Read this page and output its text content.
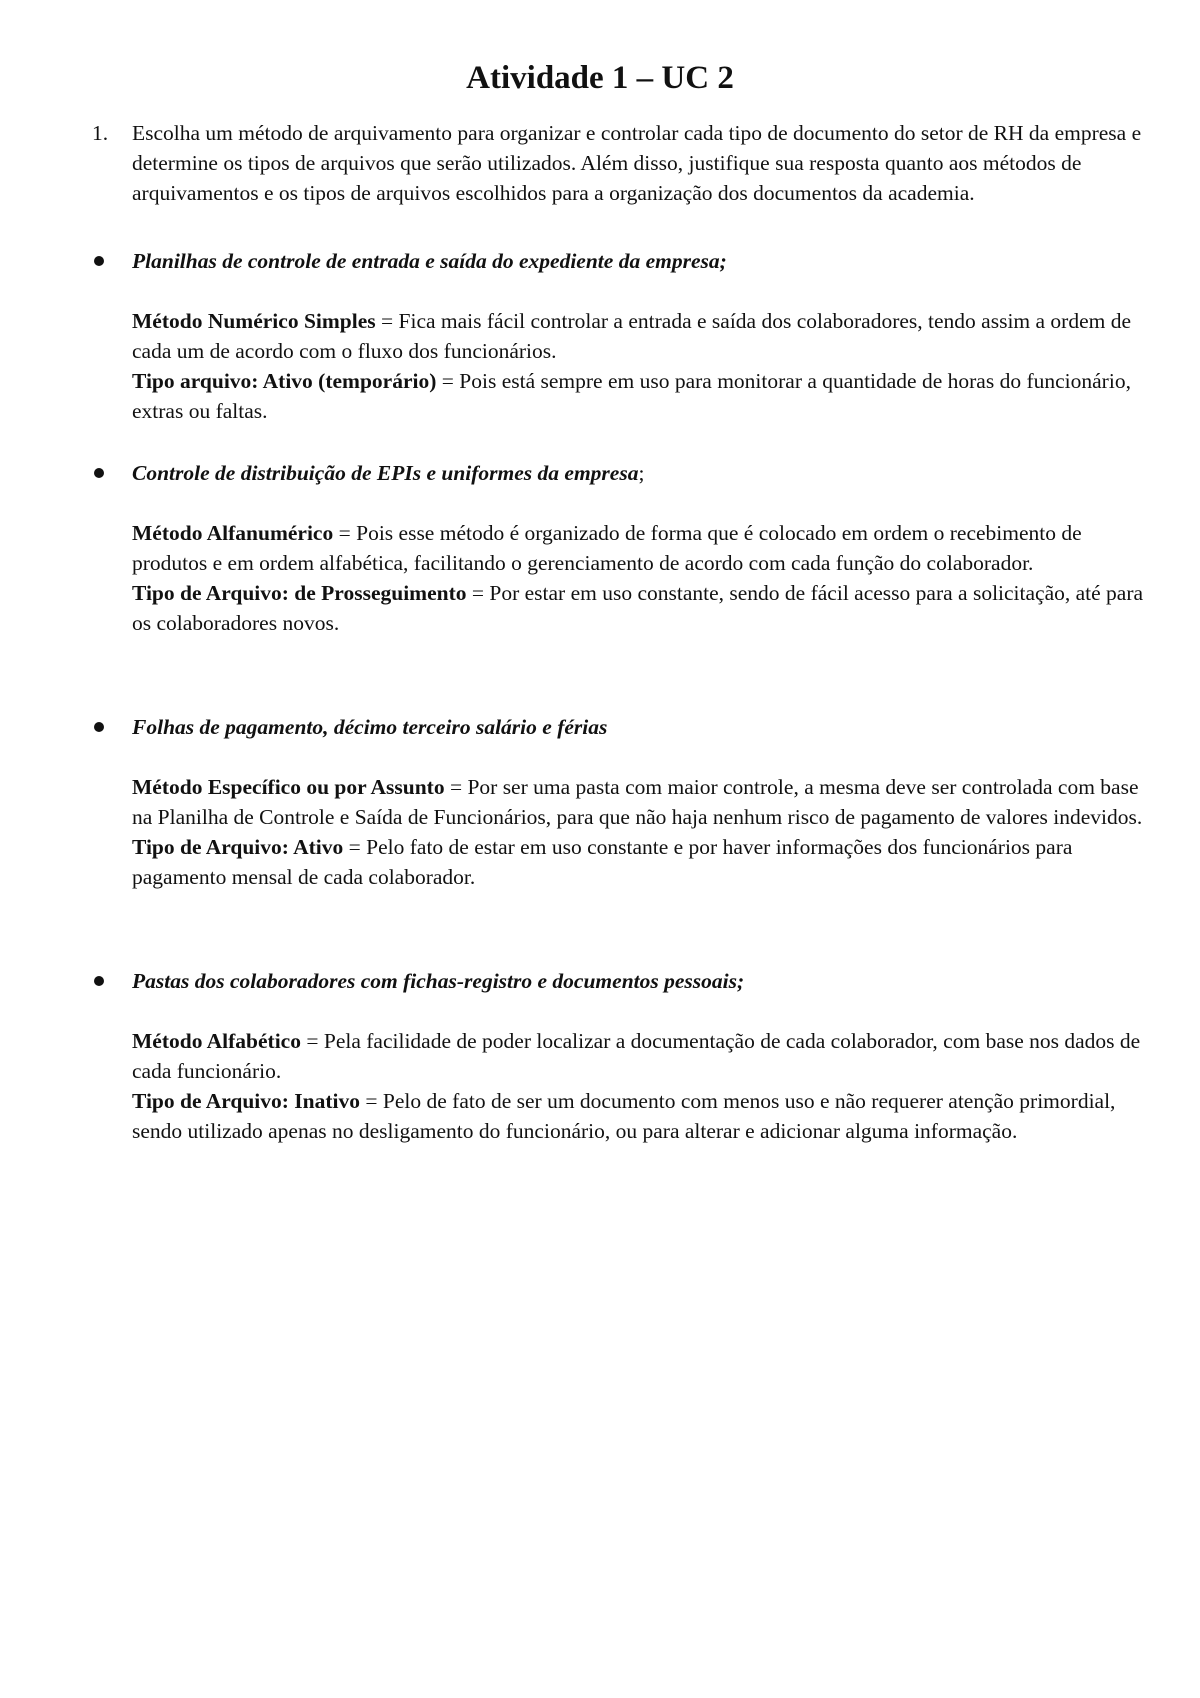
Atividade 1 – UC 2
1.	Escolha um método de arquivamento para organizar e controlar cada tipo de documento do setor de RH da empresa e determine os tipos de arquivos que serão utilizados. Além disso, justifique sua resposta quanto aos métodos de arquivamentos e os tipos de arquivos escolhidos para a organização dos documentos da academia.
Planilhas de controle de entrada e saída do expediente da empresa;
Método Numérico Simples = Fica mais fácil controlar a entrada e saída dos colaboradores, tendo assim a ordem de cada um de acordo com o fluxo dos funcionários.
Tipo arquivo: Ativo (temporário) = Pois está sempre em uso para monitorar a quantidade de horas do funcionário, extras ou faltas.
Controle de distribuição de EPIs e uniformes da empresa;
Método Alfanumérico = Pois esse método é organizado de forma que é colocado em ordem o recebimento de produtos e em ordem alfabética, facilitando o gerenciamento de acordo com cada função do colaborador.
Tipo de Arquivo: de Prosseguimento = Por estar em uso constante, sendo de fácil acesso para a solicitação, até para os colaboradores novos.
Folhas de pagamento, décimo terceiro salário e férias
Método Específico ou por Assunto = Por ser uma pasta com maior controle, a mesma deve ser controlada com base na Planilha de Controle e Saída de Funcionários, para que não haja nenhum risco de pagamento de valores indevidos.
Tipo de Arquivo: Ativo = Pelo fato de estar em uso constante e por haver informações dos funcionários para pagamento mensal de cada colaborador.
Pastas dos colaboradores com fichas-registro e documentos pessoais;
Método Alfabético = Pela facilidade de poder localizar a documentação de cada colaborador, com base nos dados de cada funcionário.
Tipo de Arquivo: Inativo = Pelo de fato de ser um documento com menos uso e não requerer atenção primordial, sendo utilizado apenas no desligamento do funcionário, ou para alterar e adicionar alguma informação.
